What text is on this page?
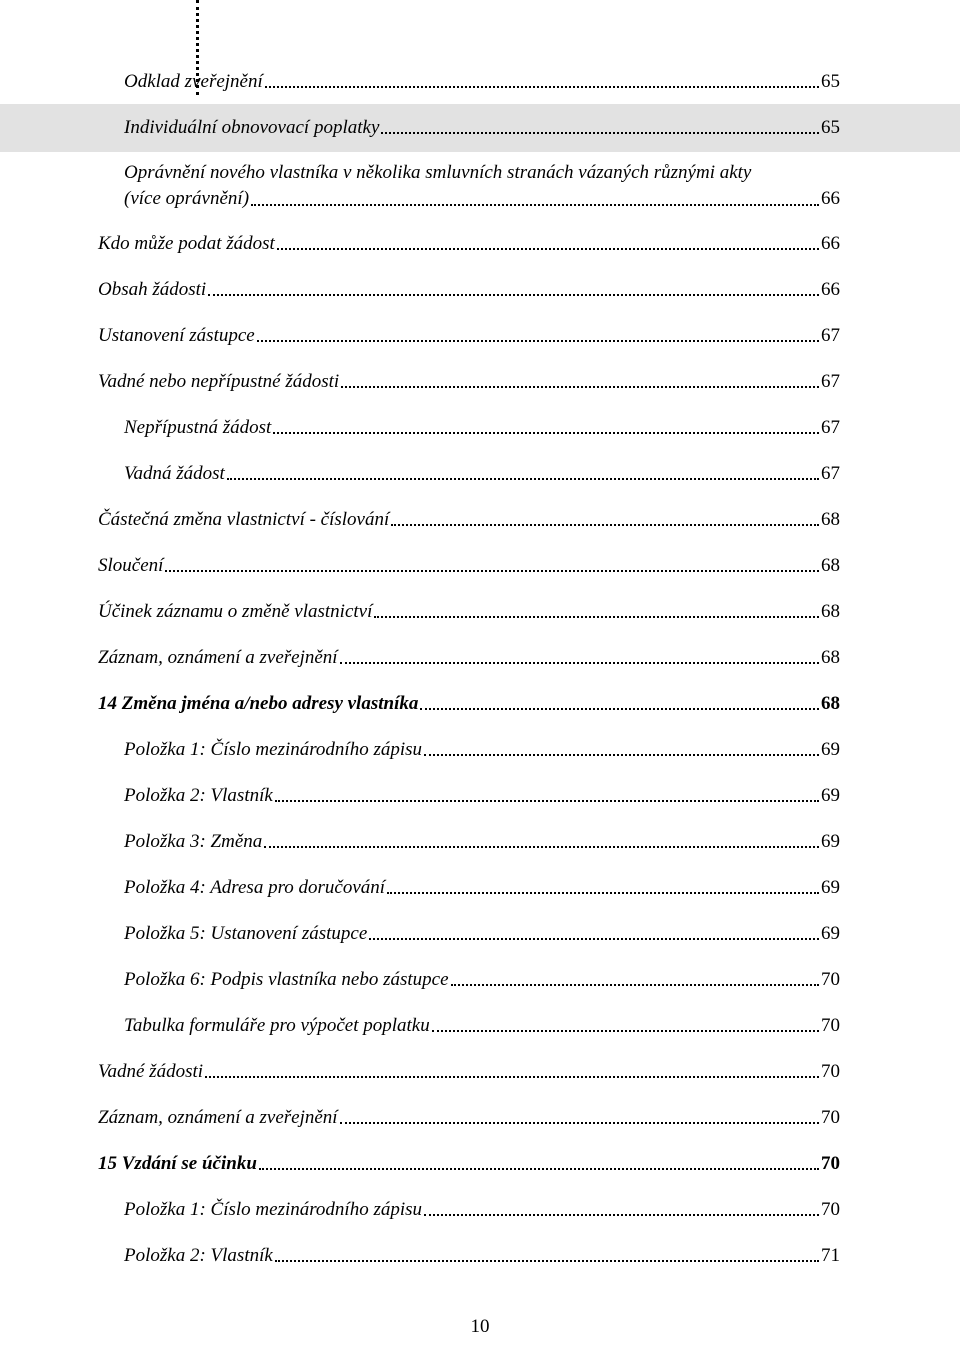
Odklad zveřejnění	65
Individuální obnovovací poplatky	65
Oprávnění nového vlastníka v několika smluvních stranách vázaných různými akty
(více oprávnění)	66
Kdo může podat žádost	66
Obsah žádosti	66
Ustanovení zástupce	67
Vadné nebo nepřípustné žádosti	67
Nepřípustná žádost	67
Vadná žádost	67
Částečná změna vlastnictví - číslování	68
Sloučení	68
Účinek záznamu o změně vlastnictví	68
Záznam, oznámení a zveřejnění	68
14 Změna jména a/nebo adresy vlastníka	68
Položka 1: Číslo mezinárodního zápisu	69
Položka 2: Vlastník	69
Položka 3: Změna	69
Položka 4: Adresa pro doručování	69
Položka 5: Ustanovení zástupce	69
Položka 6: Podpis vlastníka nebo zástupce	70
Tabulka formuláře pro výpočet poplatku	70
Vadné žádosti	70
Záznam, oznámení a zveřejnění	70
15 Vzdání se účinku	70
Položka 1: Číslo mezinárodního zápisu	70
Položka 2: Vlastník	71
10
